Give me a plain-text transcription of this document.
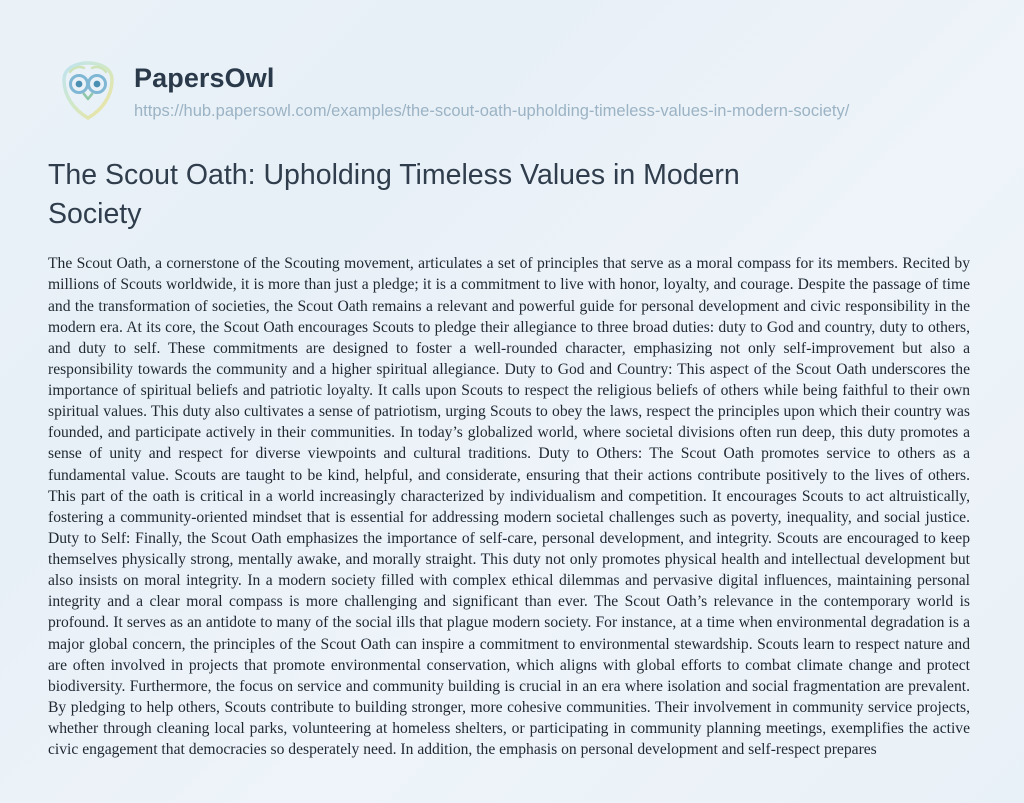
PapersOwl
https://hub.papersowl.com/examples/the-scout-oath-upholding-timeless-values-in-modern-society/
The Scout Oath: Upholding Timeless Values in Modern Society

The Scout Oath, a cornerstone of the Scouting movement, articulates a set of principles that serve as a moral compass for its members. Recited by millions of Scouts worldwide, it is more than just a pledge; it is a commitment to live with honor, loyalty, and courage. Despite the passage of time and the transformation of societies, the Scout Oath remains a relevant and powerful guide for personal development and civic responsibility in the modern era. At its core, the Scout Oath encourages Scouts to pledge their allegiance to three broad duties: duty to God and country, duty to others, and duty to self. These commitments are designed to foster a well-rounded character, emphasizing not only self-improvement but also a responsibility towards the community and a higher spiritual allegiance. Duty to God and Country: This aspect of the Scout Oath underscores the importance of spiritual beliefs and patriotic loyalty. It calls upon Scouts to respect the religious beliefs of others while being faithful to their own spiritual values. This duty also cultivates a sense of patriotism, urging Scouts to obey the laws, respect the principles upon which their country was founded, and participate actively in their communities. In today’s globalized world, where societal divisions often run deep, this duty promotes a sense of unity and respect for diverse viewpoints and cultural traditions. Duty to Others: The Scout Oath promotes service to others as a fundamental value. Scouts are taught to be kind, helpful, and considerate, ensuring that their actions contribute positively to the lives of others. This part of the oath is critical in a world increasingly characterized by individualism and competition. It encourages Scouts to act altruistically, fostering a community-oriented mindset that is essential for addressing modern societal challenges such as poverty, inequality, and social justice. Duty to Self: Finally, the Scout Oath emphasizes the importance of self-care, personal development, and integrity. Scouts are encouraged to keep themselves physically strong, mentally awake, and morally straight. This duty not only promotes physical health and intellectual development but also insists on moral integrity. In a modern society filled with complex ethical dilemmas and pervasive digital influences, maintaining personal integrity and a clear moral compass is more challenging and significant than ever. The Scout Oath’s relevance in the contemporary world is profound. It serves as an antidote to many of the social ills that plague modern society. For instance, at a time when environmental degradation is a major global concern, the principles of the Scout Oath can inspire a commitment to environmental stewardship. Scouts learn to respect nature and are often involved in projects that promote environmental conservation, which aligns with global efforts to combat climate change and protect biodiversity. Furthermore, the focus on service and community building is crucial in an era where isolation and social fragmentation are prevalent. By pledging to help others, Scouts contribute to building stronger, more cohesive communities. Their involvement in community service projects, whether through cleaning local parks, volunteering at homeless shelters, or participating in community planning meetings, exemplifies the active civic engagement that democracies so desperately need. In addition, the emphasis on personal development and self-respect prepares
